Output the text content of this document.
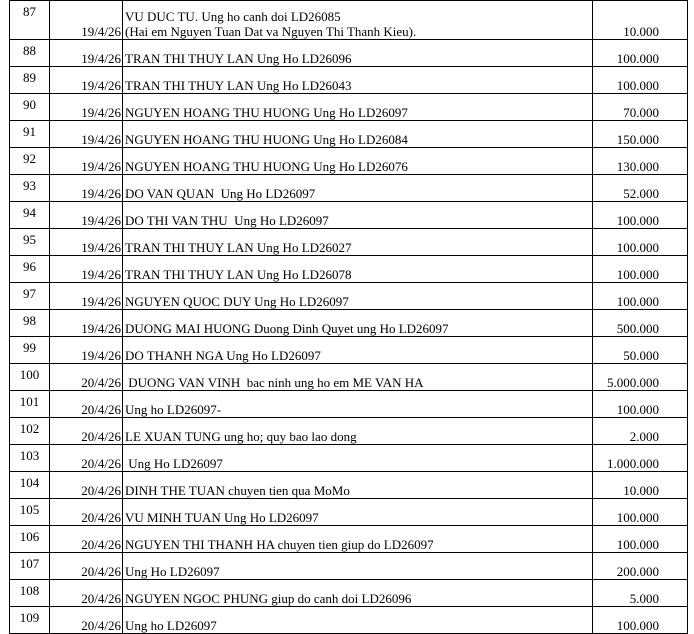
87	19/4/26	VU DUC TU. Ung ho canh doi LD26085
(Hai em Nguyen Tuan Dat va Nguyen Thi Thanh Kieu).	10.000
88	19/4/26	TRAN THI THUY LAN Ung Ho LD26096	100.000
89	19/4/26	TRAN THI THUY LAN Ung Ho LD26043	100.000
90	19/4/26	NGUYEN HOANG THU HUONG Ung Ho LD26097	70.000
91	19/4/26	NGUYEN HOANG THU HUONG Ung Ho LD26084	150.000
92	19/4/26	NGUYEN HOANG THU HUONG Ung Ho LD26076	130.000
93	19/4/26	DO VAN QUAN  Ung Ho LD26097	52.000
94	19/4/26	DO THI VAN THU  Ung Ho LD26097	100.000
95	19/4/26	TRAN THI THUY LAN Ung Ho LD26027	100.000
96	19/4/26	TRAN THI THUY LAN Ung Ho LD26078	100.000
97	19/4/26	NGUYEN QUOC DUY Ung Ho LD26097	100.000
98	19/4/26	DUONG MAI HUONG Duong Dinh Quyet ung Ho LD26097	500.000
99	19/4/26	DO THANH NGA Ung Ho LD26097	50.000
100	20/4/26	DUONG VAN VINH  bac ninh ung ho em ME VAN HA	5.000.000
101	20/4/26	Ung ho LD26097-	100.000
102	20/4/26	LE XUAN TUNG ung ho; quy bao lao dong	2.000
103	20/4/26	Ung Ho LD26097	1.000.000
104	20/4/26	DINH THE TUAN chuyen tien qua MoMo	10.000
105	20/4/26	VU MINH TUAN Ung Ho LD26097	100.000
106	20/4/26	NGUYEN THI THANH HA chuyen tien giup do LD26097	100.000
107	20/4/26	Ung Ho LD26097	200.000
108	20/4/26	NGUYEN NGOC PHUNG giup do canh doi LD26096	5.000
109	20/4/26	Ung ho LD26097	100.000
